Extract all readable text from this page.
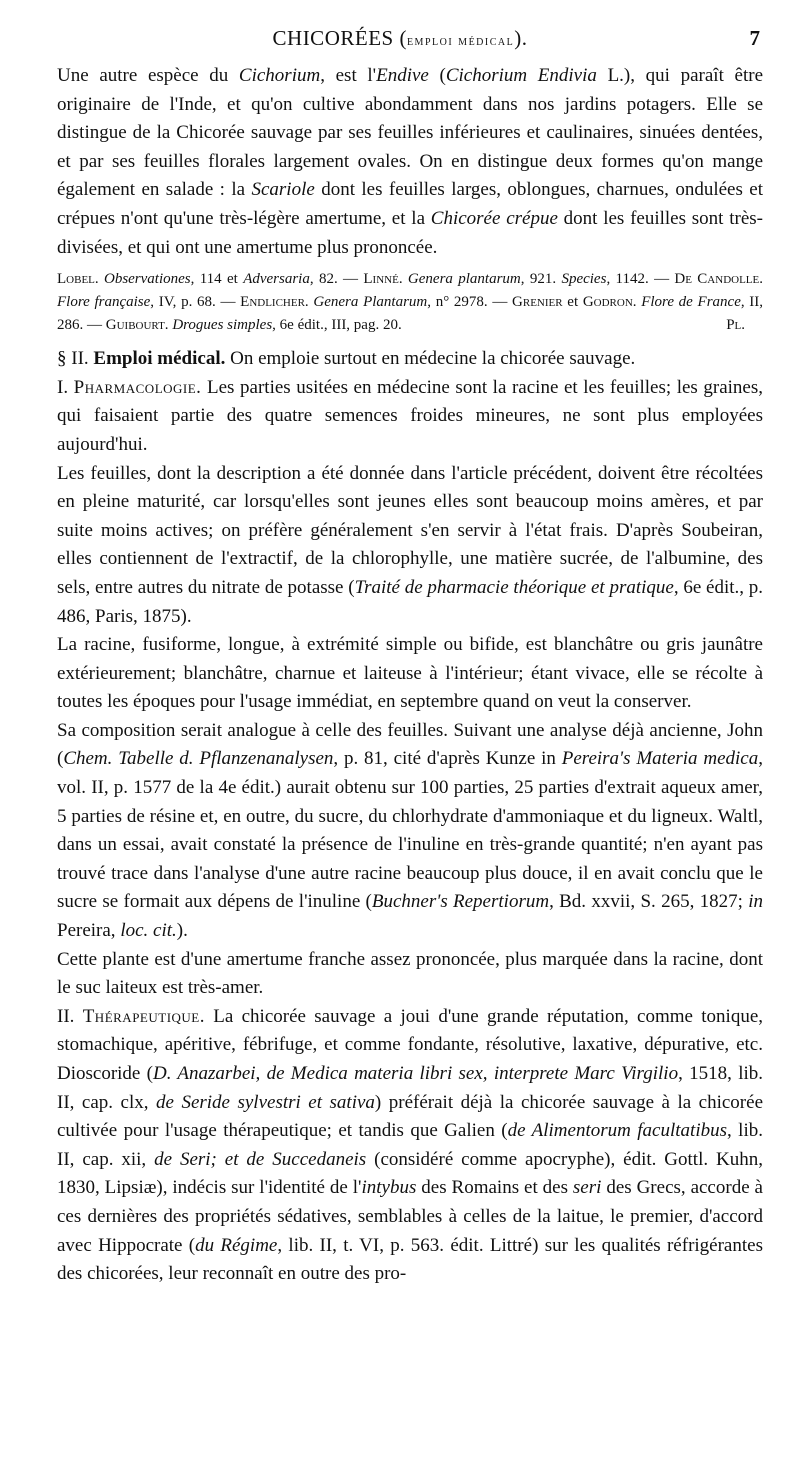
CHICORÉES (emploi médical).	7

Une autre espèce du Cichorium, est l'Endive (Cichorium Endivia L.), qui paraît être originaire de l'Inde, et qu'on cultive abondamment dans nos jardins potagers. Elle se distingue de la Chicorée sauvage par ses feuilles inférieures et caulinaires, sinuées dentées, et par ses feuilles florales largement ovales. On en distingue deux formes qu'on mange également en salade : la Scariole dont les feuilles larges, oblongues, charnues, ondulées et crépues n'ont qu'une très-légère amertume, et la Chicorée crépue dont les feuilles sont très-divisées, et qui ont une amertume plus prononcée.

Lobel. Observationes, 114 et Adversaria, 82. — Linné. Genera plantarum, 921. Species, 1142. — De Candolle. Flore française, IV, p. 68. — Endlicher. Genera Plantarum, n° 2978. — Grenier et Godron. Flore de France, II, 286. — Guibourt. Drogues simples, 6e édit., III, pag. 20.	Pl.

§ II. Emploi médical. On emploie surtout en médecine la chicorée sauvage.

I. Pharmacologie. Les parties usitées en médecine sont la racine et les feuilles; les graines, qui faisaient partie des quatre semences froides mineures, ne sont plus employées aujourd'hui.

Les feuilles, dont la description a été donnée dans l'article précédent, doivent être récoltées en pleine maturité, car lorsqu'elles sont jeunes elles sont beaucoup moins amères, et par suite moins actives; on préfère généralement s'en servir à l'état frais. D'après Soubeiran, elles contiennent de l'extractif, de la chlorophylle, une matière sucrée, de l'albumine, des sels, entre autres du nitrate de potasse (Traité de pharmacie théorique et pratique, 6e édit., p. 486, Paris, 1875).

La racine, fusiforme, longue, à extrémité simple ou bifide, est blanchâtre ou gris jaunâtre extérieurement; blanchâtre, charnue et laiteuse à l'intérieur; étant vivace, elle se récolte à toutes les époques pour l'usage immédiat, en septembre quand on veut la conserver.

Sa composition serait analogue à celle des feuilles. Suivant une analyse déjà ancienne, John (Chem. Tabelle d. Pflanzenanalysen, p. 81, cité d'après Kunze in Pereira's Materia medica, vol. II, p. 1577 de la 4e édit.) aurait obtenu sur 100 parties, 25 parties d'extrait aqueux amer, 5 parties de résine et, en outre, du sucre, du chlorhydrate d'ammoniaque et du ligneux. Waltl, dans un essai, avait constaté la présence de l'inuline en très-grande quantité; n'en ayant pas trouvé trace dans l'analyse d'une autre racine beaucoup plus douce, il en avait conclu que le sucre se formait aux dépens de l'inuline (Buchner's Repertiorum, Bd. xxvii, S. 265, 1827; in Pereira, loc. cit.).

Cette plante est d'une amertume franche assez prononcée, plus marquée dans la racine, dont le suc laiteux est très-amer.

II. Thérapeutique. La chicorée sauvage a joui d'une grande réputation, comme tonique, stomachique, apéritive, fébrifuge, et comme fondante, résolutive, laxative, dépurative, etc. Dioscoride (D. Anazarbei, de Medica materia libri sex, interprete Marc Virgilio, 1518, lib. II, cap. clx, de Seride sylvestri et sativa) préférait déjà la chicorée sauvage à la chicorée cultivée pour l'usage thérapeutique; et tandis que Galien (de Alimentorum facultatibus, lib. II, cap. xii, de Seri; et de Succedaneis (considéré comme apocryphe), édit. Gottl. Kuhn, 1830, Lipsiæ), indécis sur l'identité de l'intybus des Romains et des seri des Grecs, accorde à ces dernières des propriétés sédatives, semblables à celles de la laitue, le premier, d'accord avec Hippocrate (du Régime, lib. II, t. VI, p. 563. édit. Littré) sur les qualités réfrigérantes des chicorées, leur reconnaît en outre des pro-
